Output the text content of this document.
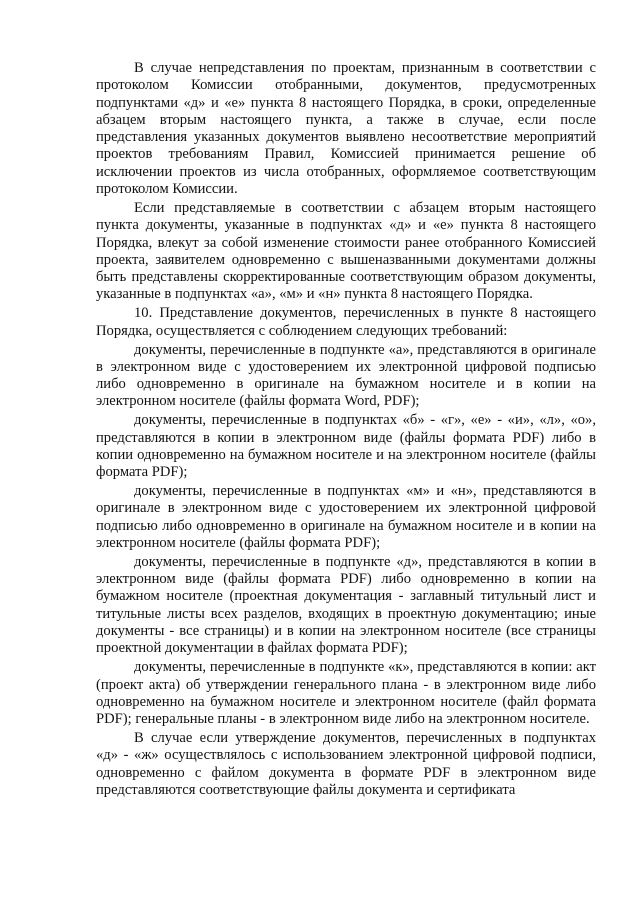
В случае непредставления по проектам, признанным в соответствии с протоколом Комиссии отобранными, документов, предусмотренных подпунктами «д» и «е» пункта 8 настоящего Порядка, в сроки, определенные абзацем вторым настоящего пункта, а также в случае, если после представления указанных документов выявлено несоответствие мероприятий проектов требованиям Правил, Комиссией принимается решение об исключении проектов из числа отобранных, оформляемое соответствующим протоколом Комиссии.

Если представляемые в соответствии с абзацем вторым настоящего пункта документы, указанные в подпунктах «д» и «е» пункта 8 настоящего Порядка, влекут за собой изменение стоимости ранее отобранного Комиссией проекта, заявителем одновременно с вышеназванными документами должны быть представлены скорректированные соответствующим образом документы, указанные в подпунктах «а», «м» и «н» пункта 8 настоящего Порядка.

10. Представление документов, перечисленных в пункте 8 настоящего Порядка, осуществляется с соблюдением следующих требований:

документы, перечисленные в подпункте «а», представляются в оригинале в электронном виде с удостоверением их электронной цифровой подписью либо одновременно в оригинале на бумажном носителе и в копии на электронном носителе (файлы формата Word, PDF);

документы, перечисленные в подпунктах «б» - «г», «е» - «и», «л», «о», представляются в копии в электронном виде (файлы формата PDF) либо в копии одновременно на бумажном носителе и на электронном носителе (файлы формата PDF);

документы, перечисленные в подпунктах «м» и «н», представляются в оригинале в электронном виде с удостоверением их электронной цифровой подписью либо одновременно в оригинале на бумажном носителе и в копии на электронном носителе (файлы формата PDF);

документы, перечисленные в подпункте «д», представляются в копии в электронном виде (файлы формата PDF) либо одновременно в копии на бумажном носителе (проектная документация - заглавный титульный лист и титульные листы всех разделов, входящих в проектную документацию; иные документы - все страницы) и в копии на электронном носителе (все страницы проектной документации в файлах формата PDF);

документы, перечисленные в подпункте «к», представляются в копии: акт (проект акта) об утверждении генерального плана - в электронном виде либо одновременно на бумажном носителе и электронном носителе (файл формата PDF); генеральные планы - в электронном виде либо на электронном носителе.

В случае если утверждение документов, перечисленных в подпунктах «д» - «ж» осуществлялось с использованием электронной цифровой подписи, одновременно с файлом документа в формате PDF в электронном виде представляются соответствующие файлы документа и сертификата
